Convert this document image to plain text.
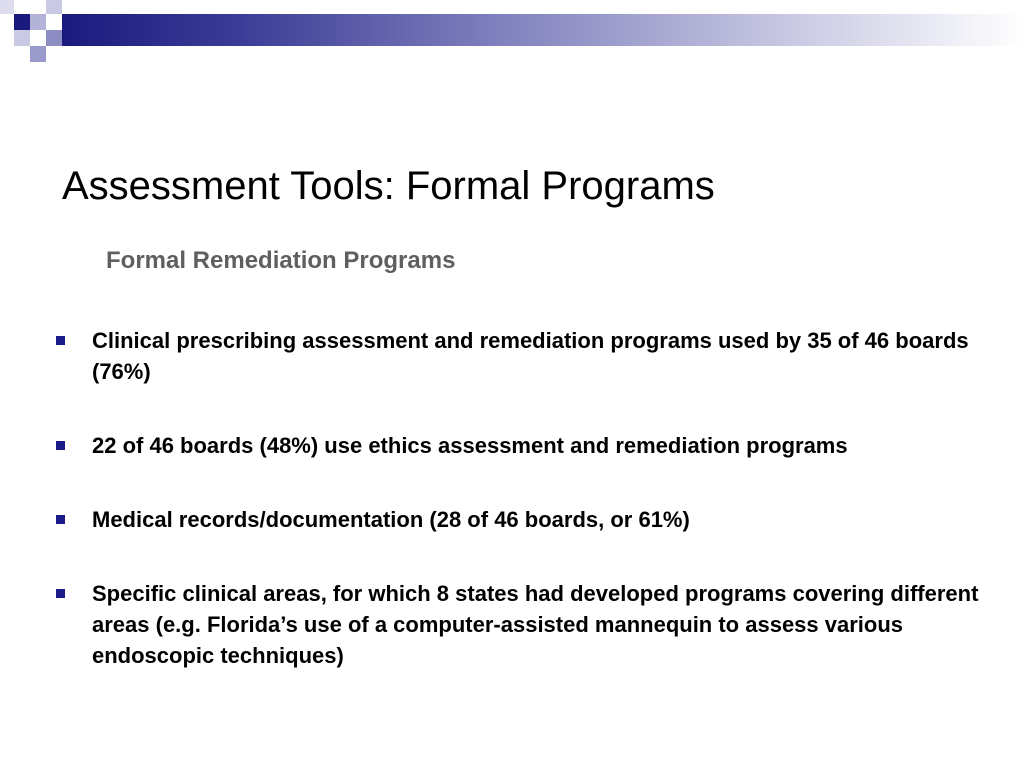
Assessment Tools: Formal Programs
Formal Remediation Programs
Clinical prescribing assessment and remediation programs used by 35 of 46 boards (76%)
22 of 46 boards (48%) use ethics assessment and remediation programs
Medical records/documentation (28 of 46 boards, or 61%)
Specific clinical areas, for which 8 states had developed programs covering different areas (e.g. Florida’s use of a computer-assisted mannequin to assess various endoscopic techniques)
